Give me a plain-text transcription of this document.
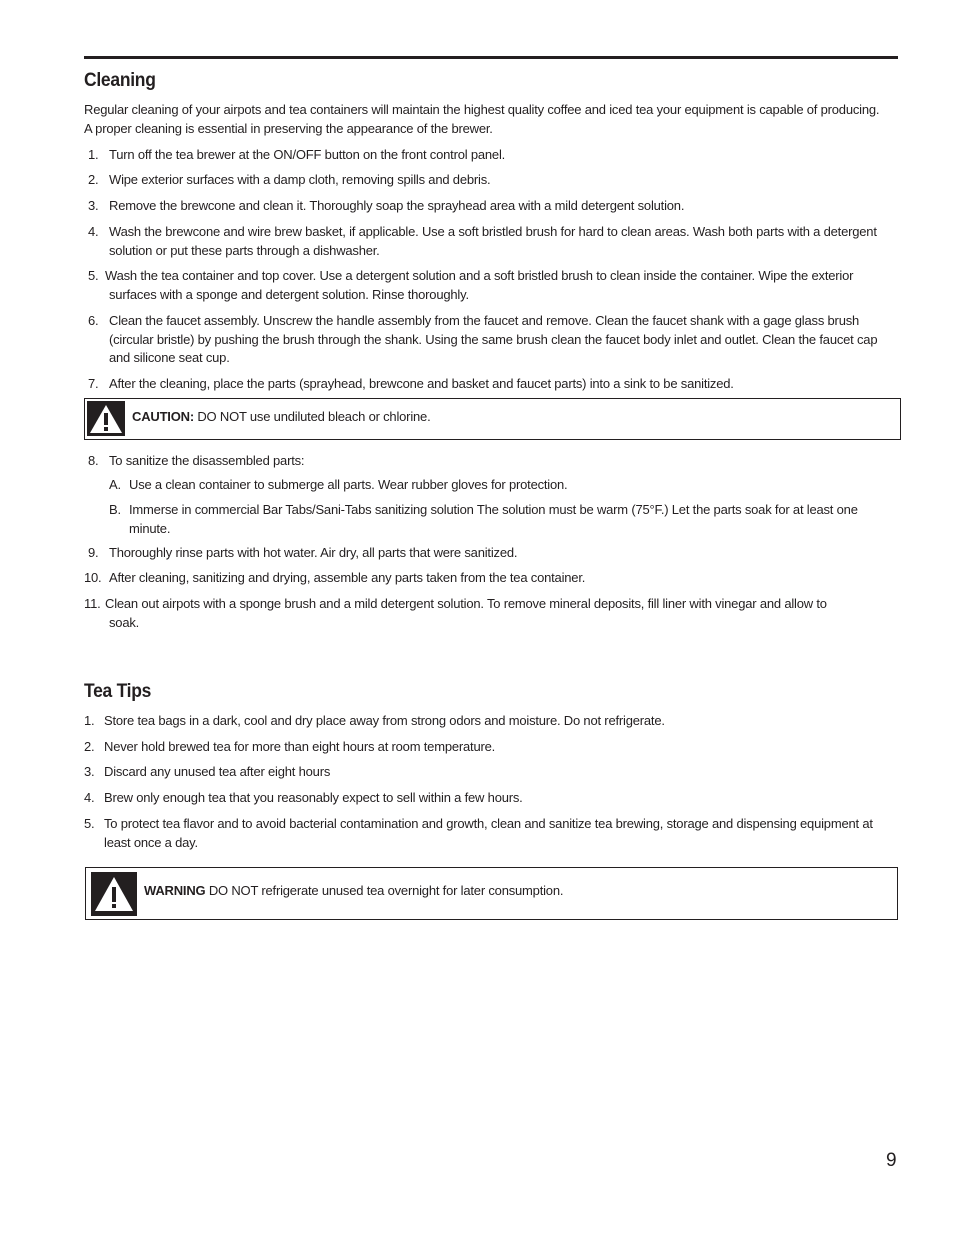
Cleaning

Regular cleaning of your airpots and tea containers will maintain the highest quality coffee and iced tea your equipment is capable of producing.

A proper cleaning is essential in preserving the appearance of the brewer.

1. Turn off the tea brewer at the ON/OFF button on the front control panel.
2. Wipe exterior surfaces with a damp cloth, removing spills and debris.
3. Remove the brewcone and clean it. Thoroughly soap the sprayhead area with a mild detergent solution.
4. Wash the brewcone and wire brew basket, if applicable. Use a soft bristled brush for hard to clean areas. Wash both parts with a detergent
solution or put these parts through a dishwasher.
5. Wash the tea container and top cover. Use a detergent solution and a soft bristled brush to clean inside the container. Wipe the exterior
surfaces with a sponge and detergent solution. Rinse thoroughly.
6. Clean the faucet assembly. Unscrew the handle assembly from the faucet and remove. Clean the faucet shank with a gage glass brush
(circular bristle) by pushing the brush through the shank. Using the same brush clean the faucet body inlet and outlet. Clean the faucet cap
and silicone seat cup.
7. After the cleaning, place the parts (sprayhead, brewcone and basket and faucet parts) into a sink to be sanitized.
CAUTION: DO NOT use undiluted bleach or chlorine.
8. To sanitize the disassembled parts:
A. Use a clean container to submerge all parts. Wear rubber gloves for protection.
B. Immerse in commercial Bar Tabs/Sani-Tabs sanitizing solution The solution must be warm (75°F.) Let the parts soak for at least one
minute.
9. Thoroughly rinse parts with hot water. Air dry, all parts that were sanitized.
10. After cleaning, sanitizing and drying, assemble any parts taken from the tea container.
11. Clean out airpots with a sponge brush and a mild detergent solution. To remove mineral deposits, fill liner with vinegar and allow to
soak.
Tea Tips
1. Store tea bags in a dark, cool and dry place away from strong odors and moisture. Do not refrigerate.
2. Never hold brewed tea for more than eight hours at room temperature.
3. Discard any unused tea after eight hours
4. Brew only enough tea that you reasonably expect to sell within a few hours.
5. To protect tea flavor and to avoid bacterial contamination and growth, clean and sanitize tea brewing, storage and dispensing equipment at
least once a day.
WARNING DO NOT refrigerate unused tea overnight for later consumption.
9
